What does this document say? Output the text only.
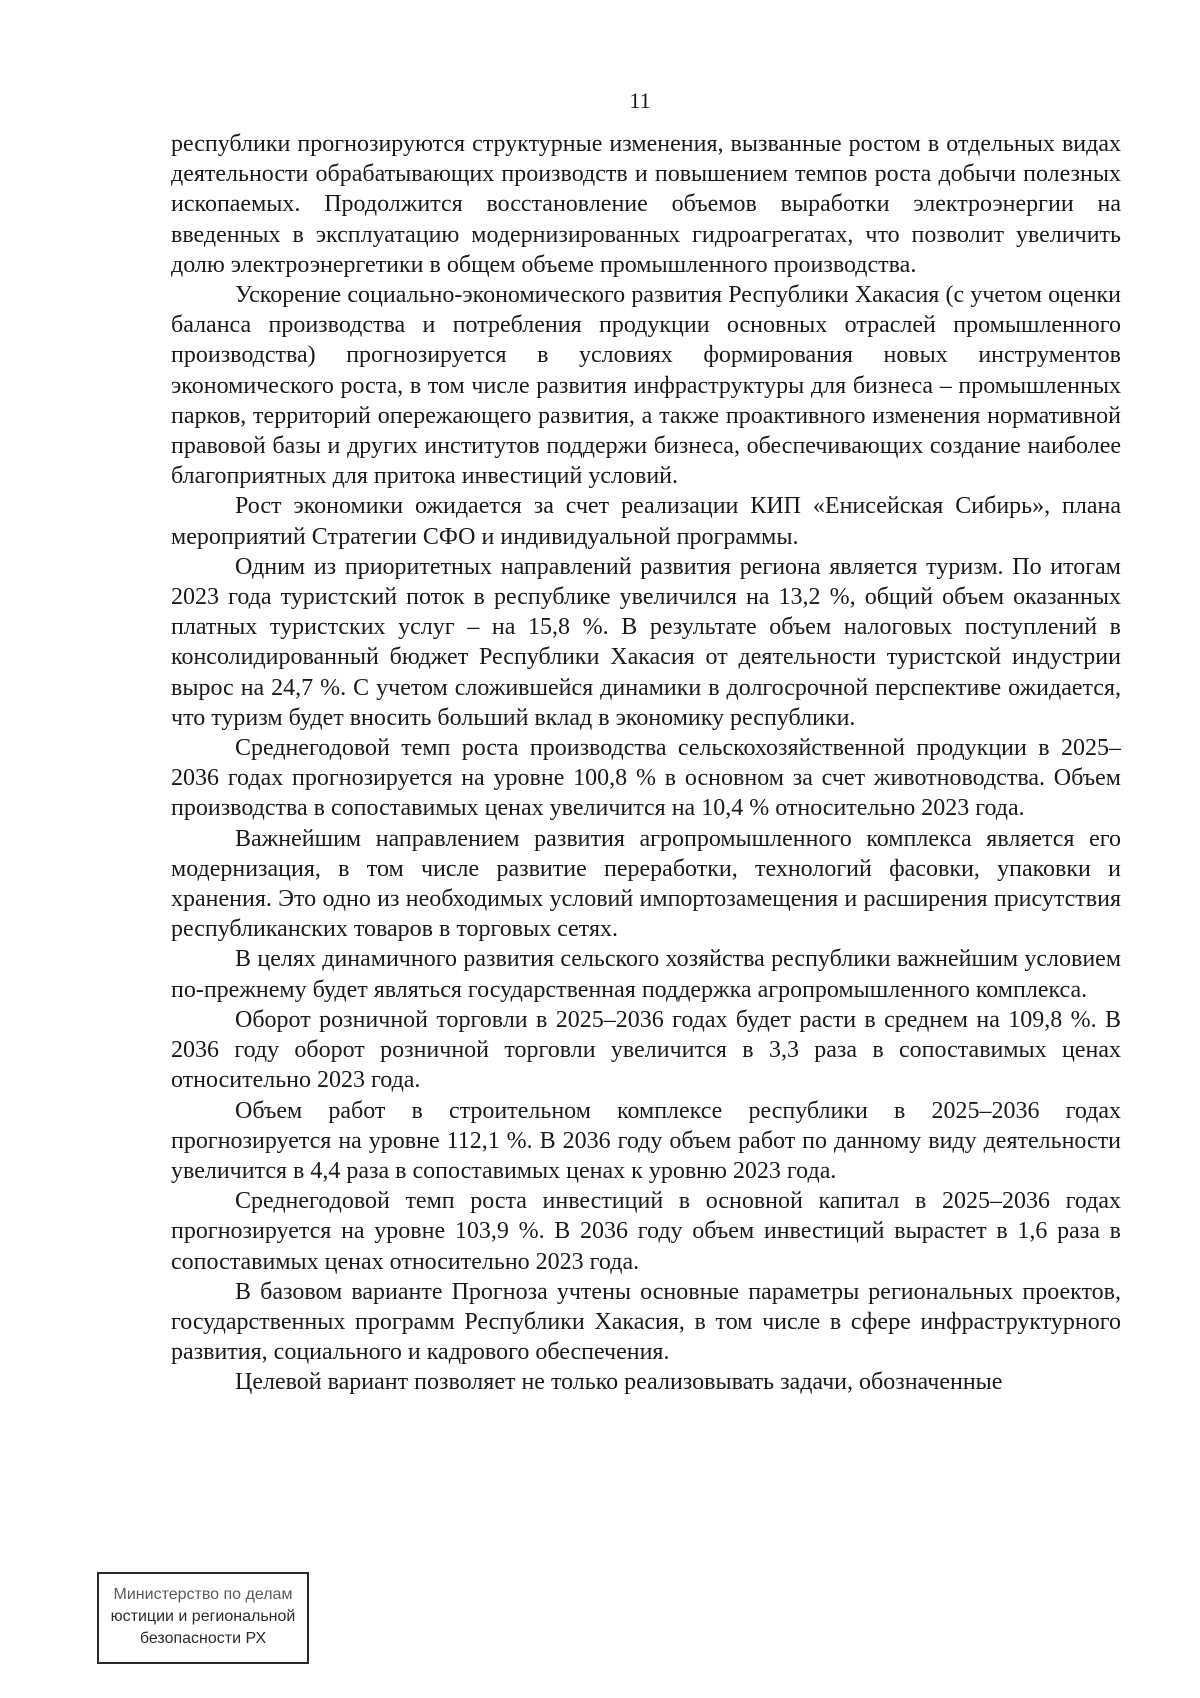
11

республики прогнозируются структурные изменения, вызванные ростом в отдельных видах деятельности обрабатывающих производств и повышением темпов роста добычи полезных ископаемых. Продолжится восстановление объемов выработки электроэнергии на введенных в эксплуатацию модернизированных гидроагрегатах, что позволит увеличить долю электроэнергетики в общем объеме промышленного производства.

Ускорение социально-экономического развития Республики Хакасия (с учетом оценки баланса производства и потребления продукции основных отраслей промышленного производства) прогнозируется в условиях формирования новых инструментов экономического роста, в том числе развития инфраструктуры для бизнеса – промышленных парков, территорий опережающего развития, а также проактивного изменения нормативной правовой базы и других институтов поддержи бизнеса, обеспечивающих создание наиболее благоприятных для притока инвестиций условий.

Рост экономики ожидается за счет реализации КИП «Енисейская Сибирь», плана мероприятий Стратегии СФО и индивидуальной программы.

Одним из приоритетных направлений развития региона является туризм. По итогам 2023 года туристский поток в республике увеличился на 13,2 %, общий объем оказанных платных туристских услуг – на 15,8 %. В результате объем налоговых поступлений в консолидированный бюджет Республики Хакасия от деятельности туристской индустрии вырос на 24,7 %. С учетом сложившейся динамики в долгосрочной перспективе ожидается, что туризм будет вносить больший вклад в экономику республики.

Среднегодовой темп роста производства сельскохозяйственной продукции в 2025–2036 годах прогнозируется на уровне 100,8 % в основном за счет животноводства. Объем производства в сопоставимых ценах увеличится на 10,4 % относительно 2023 года.

Важнейшим направлением развития агропромышленного комплекса является его модернизация, в том числе развитие переработки, технологий фасовки, упаковки и хранения. Это одно из необходимых условий импортозамещения и расширения присутствия республиканских товаров в торговых сетях.

В целях динамичного развития сельского хозяйства республики важнейшим условием по-прежнему будет являться государственная поддержка агропромышленного комплекса.

Оборот розничной торговли в 2025–2036 годах будет расти в среднем на 109,8 %. В 2036 году оборот розничной торговли увеличится в 3,3 раза в сопоставимых ценах относительно 2023 года.

Объем работ в строительном комплексе республики в 2025–2036 годах прогнозируется на уровне 112,1 %. В 2036 году объем работ по данному виду деятельности увеличится в 4,4 раза в сопоставимых ценах к уровню 2023 года.

Среднегодовой темп роста инвестиций в основной капитал в 2025–2036 годах прогнозируется на уровне 103,9 %. В 2036 году объем инвестиций вырастет в 1,6 раза в сопоставимых ценах относительно 2023 года.

В базовом варианте Прогноза учтены основные параметры региональных проектов, государственных программ Республики Хакасия, в том числе в сфере инфраструктурного развития, социального и кадрового обеспечения.

Целевой вариант позволяет не только реализовывать задачи, обозначенные

Министерство по делам
юстиции и региональной
безопасности РХ
